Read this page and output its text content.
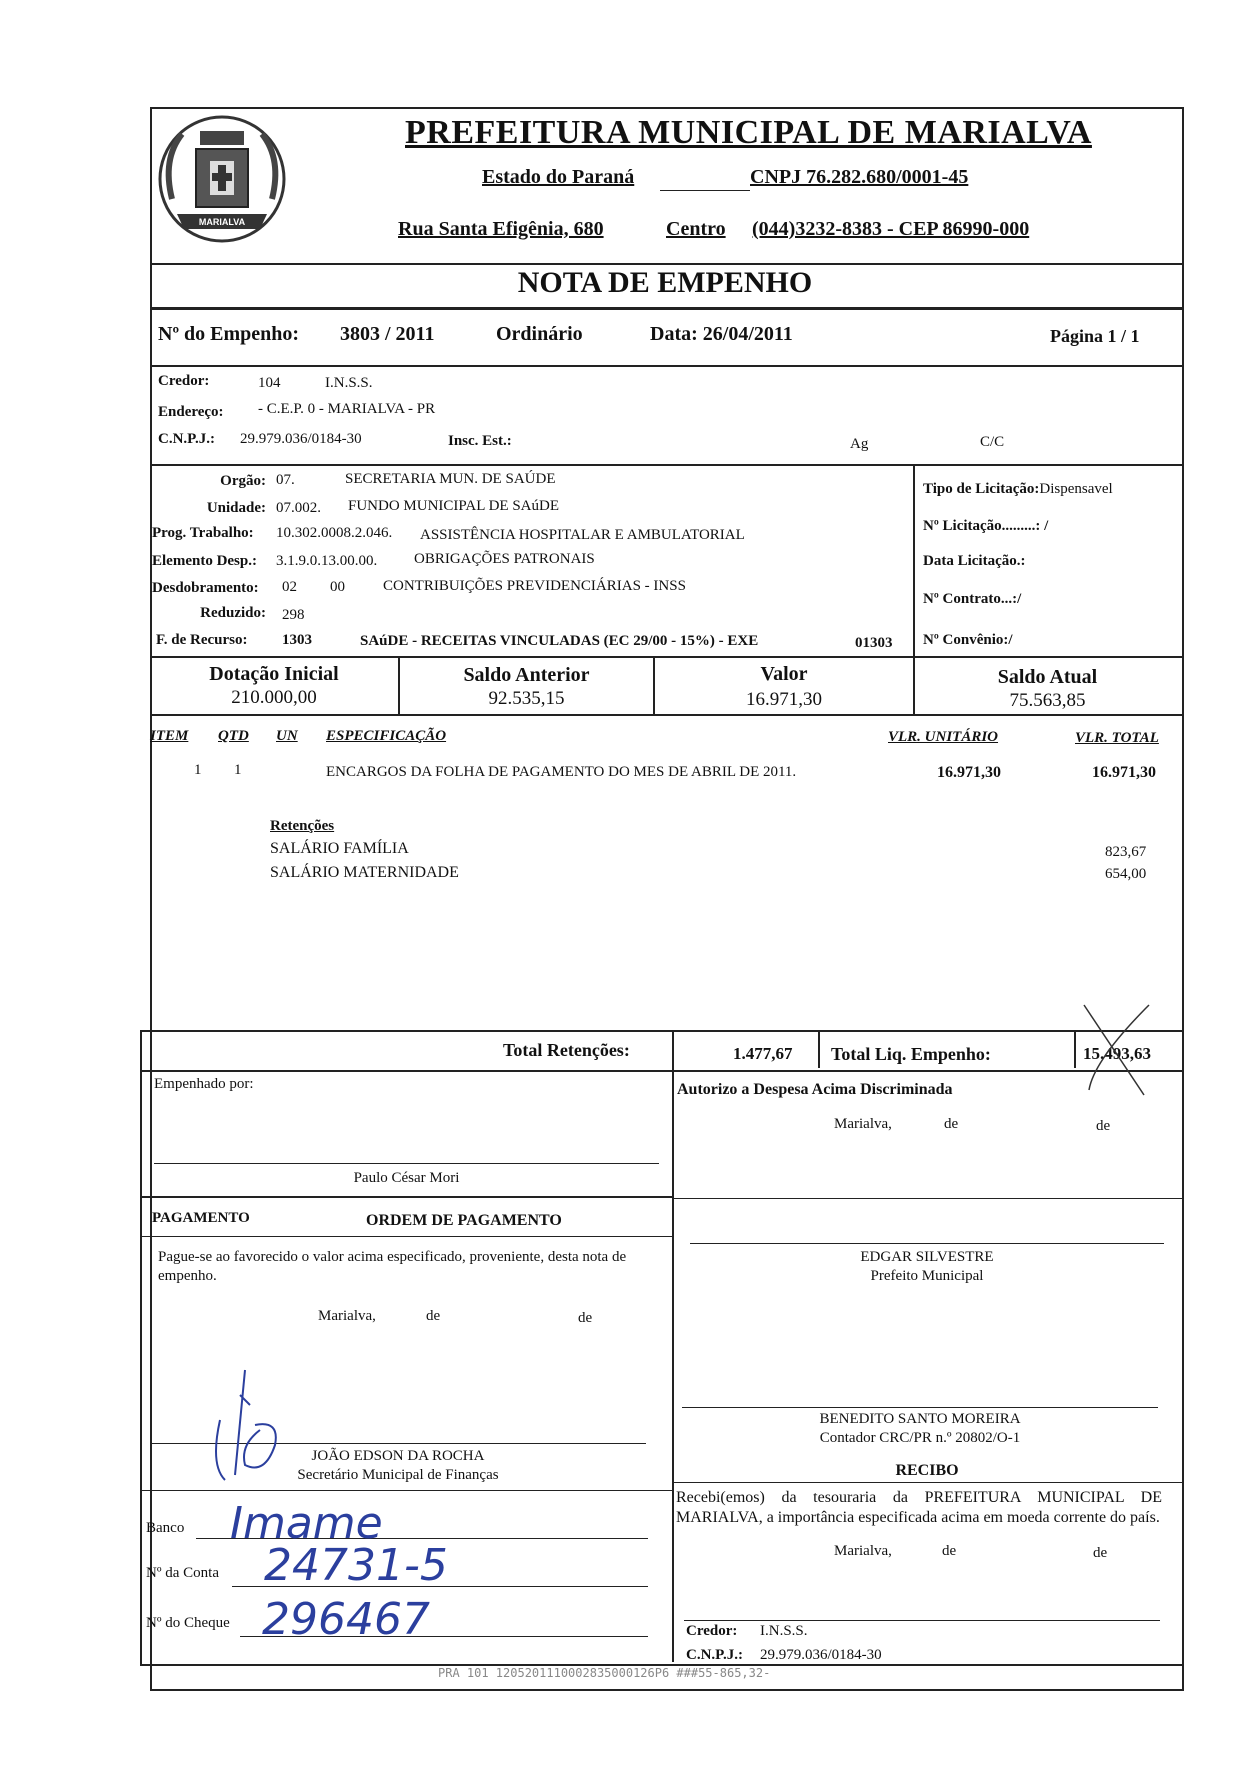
MARIALVA
PREFEITURA MUNICIPAL DE MARIALVA
Estado do Paraná	CNPJ 76.282.680/0001-45
Rua Santa Efigênia, 680	Centro (044)3232-8383 - CEP 86990-000
NOTA DE EMPENHO
Nº do Empenho: 3803 / 2011	Ordinário	Data: 26/04/2011	Página 1 / 1
Credor:	104	I.N.S.S.
Endereço: - C.E.P. 0 - MARIALVA - PR
C.N.P.J.: 29.979.036/0184-30	Insc. Est.:	Ag	C/C
Orgão: 07.	SECRETARIA MUN. DE SAÚDE
Unidade: 07.002. FUNDO MUNICIPAL DE SAúDE
Prog. Trabalho: 10.302.0008.2.046. ASSISTÊNCIA HOSPITALAR E AMBULATORIAL
Elemento Desp.: 3.1.9.0.13.00.00. OBRIGAÇÕES PATRONAIS
Desdobramento: 02 00	CONTRIBUIÇÕES PREVIDENCIÁRIAS - INSS
Reduzido: 298
F. de Recurso: 1303	SAúDE - RECEITAS VINCULADAS (EC 29/00 - 15%) - EXE	01303
Tipo de Licitação:Dispensavel
Nº Licitação.........: /
Data Licitação.:
Nº Contrato...:/
Nº Convênio:/
Dotação Inicial
210.000,00
Saldo Anterior
92.535,15
Valor
16.971,30
Saldo Atual
75.563,85
ITEM QTD UN ESPECIFICAÇÃO	VLR. UNITÁRIO	VLR. TOTAL
1 1	ENCARGOS DA FOLHA DE PAGAMENTO DO MES DE ABRIL DE 2011.	16.971,30	16.971,30
Retenções
SALÁRIO FAMÍLIA	823,67
SALÁRIO MATERNIDADE	654,00
Total Retenções:	1.477,67 Total Liq. Empenho:	15.493,63
Empenhado por:
Paulo César Mori
Autorizo a Despesa Acima Discriminada
Marialva,	de	de
EDGAR SILVESTRE
Prefeito Municipal
PAGAMENTO	ORDEM DE PAGAMENTO
Pague-se ao favorecido o valor acima especificado, proveniente, desta nota de empenho.
Marialva,	de	de
JOÃO EDSON DA ROCHA
Secretário Municipal de Finanças
BENEDITO SANTO MOREIRA
Contador CRC/PR n.º 20802/O-1
RECIBO
Recebi(emos) da tesouraria da PREFEITURA MUNICIPAL DE MARIALVA, a importância especificada acima em moeda corrente do país.
Marialva,	de	de
Credor: I.N.S.S.
C.N.P.J.: 29.979.036/0184-30
Banco Imame
Nº da Conta 24731-5
Nº do Cheque 296467
PRA 101 1205201110002835000126P6 ###55-865,32-
